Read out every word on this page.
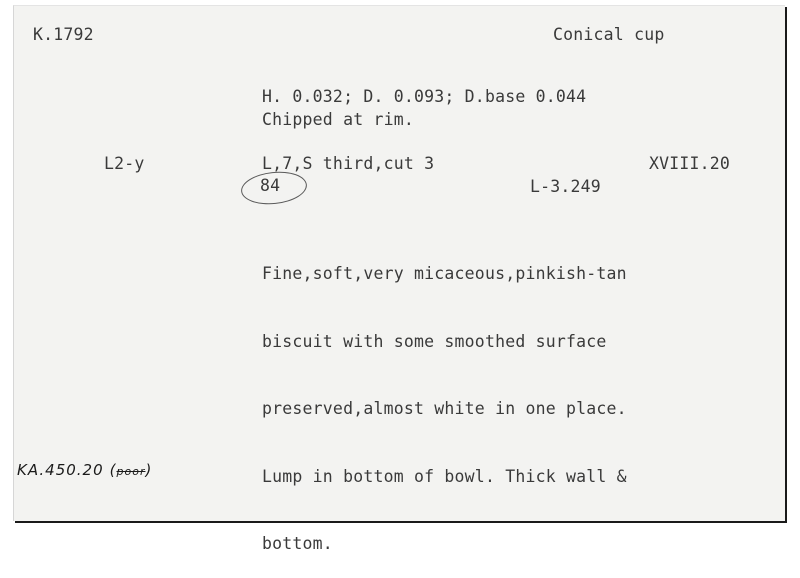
K.1792	Conical cup
H. 0.032; D. 0.093; D.base 0.044
Chipped at rim.
L2-y	L,7,S third,cut 3	XVIII.20
84	L-3.249

Fine,soft,very micaceous,pinkish-tan

biscuit with some smoothed surface

preserved,almost white in one place.

Lump in bottom of bowl. Thick wall &

bottom.

KA.450.20 (poor)
